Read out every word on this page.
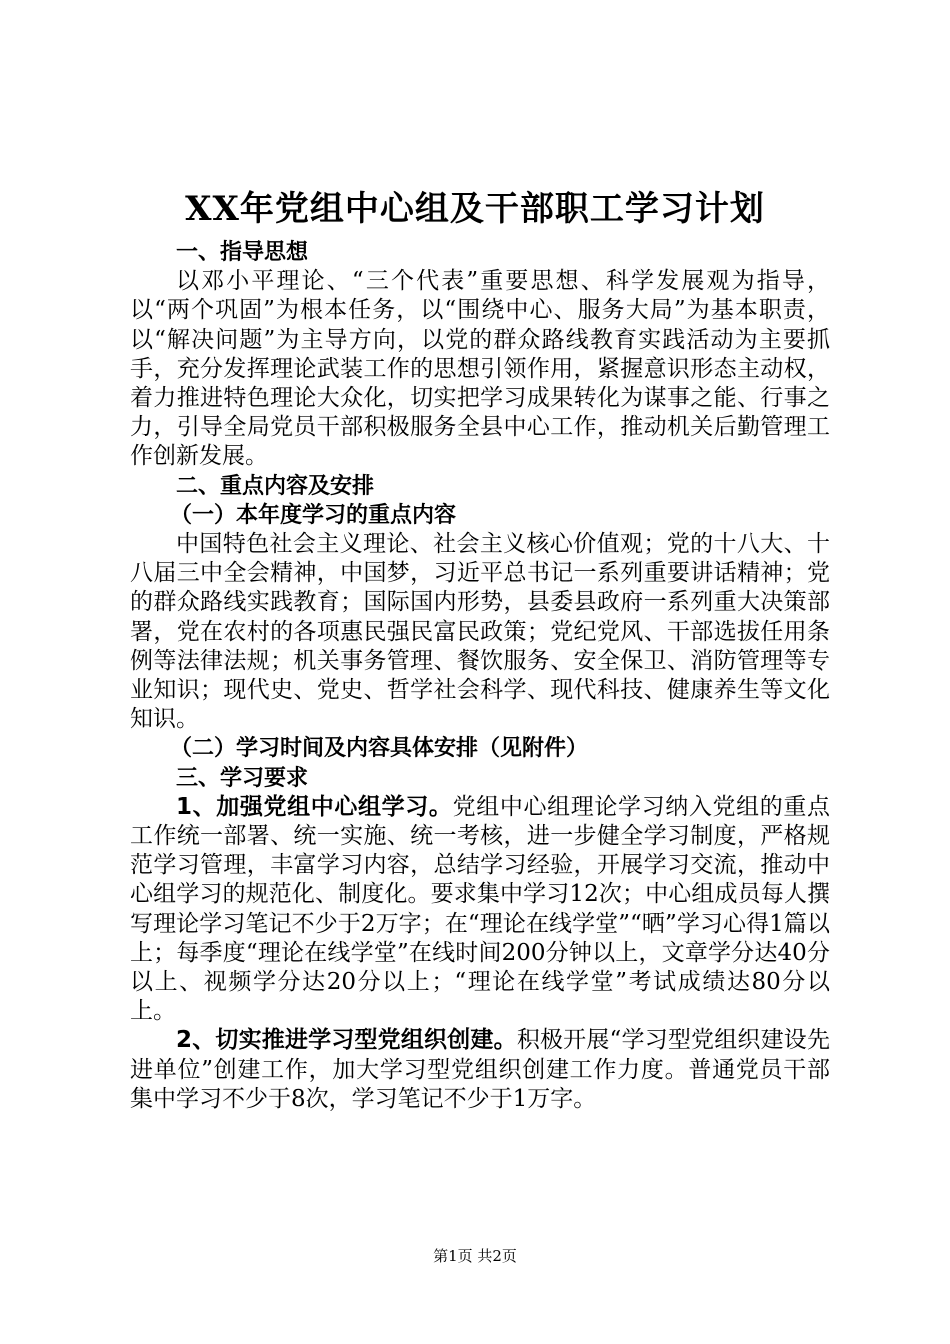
XX年党组中心组及干部职工学习计划

一、指导思想

以邓小平理论、“三个代表”重要思想、科学发展观为指导，以“两个巩固”为根本任务，以“围绕中心、服务大局”为基本职责，以“解决问题”为主导方向，以党的群众路线教育实践活动为主要抓手，充分发挥理论武装工作的思想引领作用，紧握意识形态主动权，着力推进特色理论大众化，切实把学习成果转化为谋事之能、行事之力，引导全局党员干部积极服务全县中心工作，推动机关后勤管理工作创新发展。

二、重点内容及安排

（一）本年度学习的重点内容

中国特色社会主义理论、社会主义核心价值观；党的十八大、十八届三中全会精神，中国梦，习近平总书记一系列重要讲话精神；党的群众路线实践教育；国际国内形势，县委县政府一系列重大决策部署，党在农村的各项惠民强民富民政策；党纪党风、干部选拔任用条例等法律法规；机关事务管理、餐饮服务、安全保卫、消防管理等专业知识；现代史、党史、哲学社会科学、现代科技、健康养生等文化知识。

（二）学习时间及内容具体安排（见附件）

三、学习要求

1、加强党组中心组学习。党组中心组理论学习纳入党组的重点工作统一部署、统一实施、统一考核，进一步健全学习制度，严格规范学习管理，丰富学习内容，总结学习经验，开展学习交流，推动中心组学习的规范化、制度化。要求集中学习12次；中心组成员每人撰写理论学习笔记不少于2万字；在“理论在线学堂”“晒”学习心得1篇以上；每季度“理论在线学堂”在线时间200分钟以上，文章学分达40分以上、视频学分达20分以上；“理论在线学堂”考试成绩达80分以上。

2、切实推进学习型党组织创建。积极开展“学习型党组织建设先进单位”创建工作，加大学习型党组织创建工作力度。普通党员干部集中学习不少于8次，学习笔记不少于1万字。

第1页 共2页
